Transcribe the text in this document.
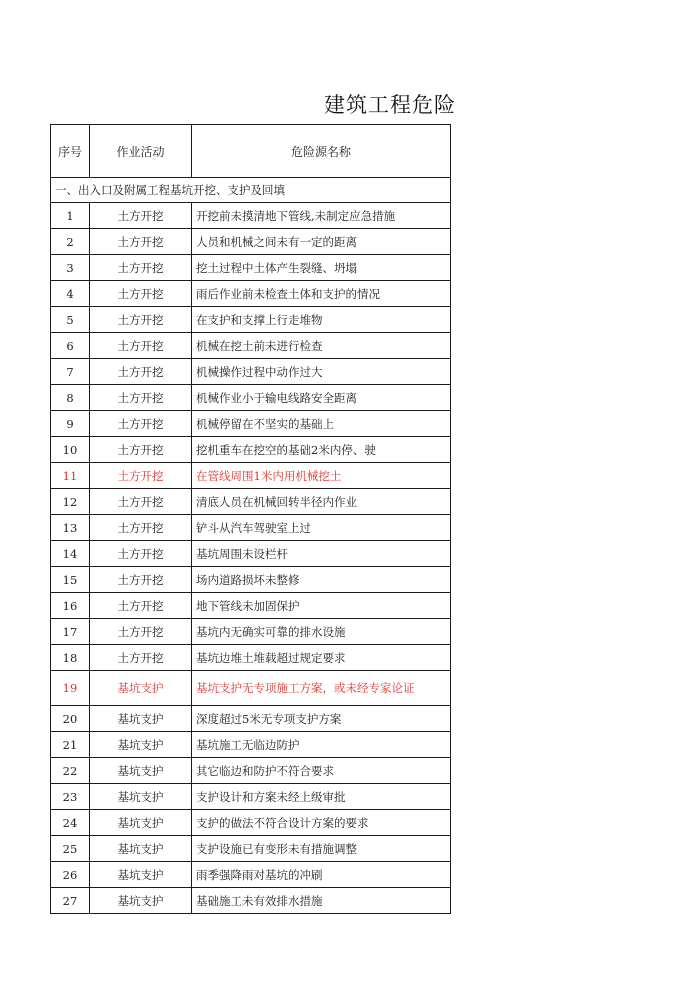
建筑工程危险
序号	作业活动	危险源名称
一、出入口及附属工程基坑开挖、支护及回填		
1	土方开挖	开挖前未摸清地下管线,未制定应急措施
2	土方开挖	人员和机械之间未有一定的距离
3	土方开挖	挖土过程中土体产生裂缝、坍塌
4	土方开挖	雨后作业前未检查土体和支护的情况
5	土方开挖	在支护和支撑上行走堆物
6	土方开挖	机械在挖土前未进行检查
7	土方开挖	机械操作过程中动作过大
8	土方开挖	机械作业小于输电线路安全距离
9	土方开挖	机械停留在不坚实的基础上
10	土方开挖	挖机重车在挖空的基础2米内停、驶
11	土方开挖	在管线周围1米内用机械挖土
12	土方开挖	清底人员在机械回转半径内作业
13	土方开挖	铲斗从汽车驾驶室上过
14	土方开挖	基坑周围未设栏杆
15	土方开挖	场内道路损坏未整修
16	土方开挖	地下管线未加固保护
17	土方开挖	基坑内无确实可靠的排水设施
18	土方开挖	基坑边堆土堆载超过规定要求
19	基坑支护	基坑支护无专项施工方案，或未经专家论证
20	基坑支护	深度超过5米无专项支护方案
21	基坑支护	基坑施工无临边防护
22	基坑支护	其它临边和防护不符合要求
23	基坑支护	支护设计和方案未经上级审批
24	基坑支护	支护的做法不符合设计方案的要求
25	基坑支护	支护设施已有变形未有措施调整
26	基坑支护	雨季强降雨对基坑的冲刷
27	基坑支护	基础施工未有效排水措施
